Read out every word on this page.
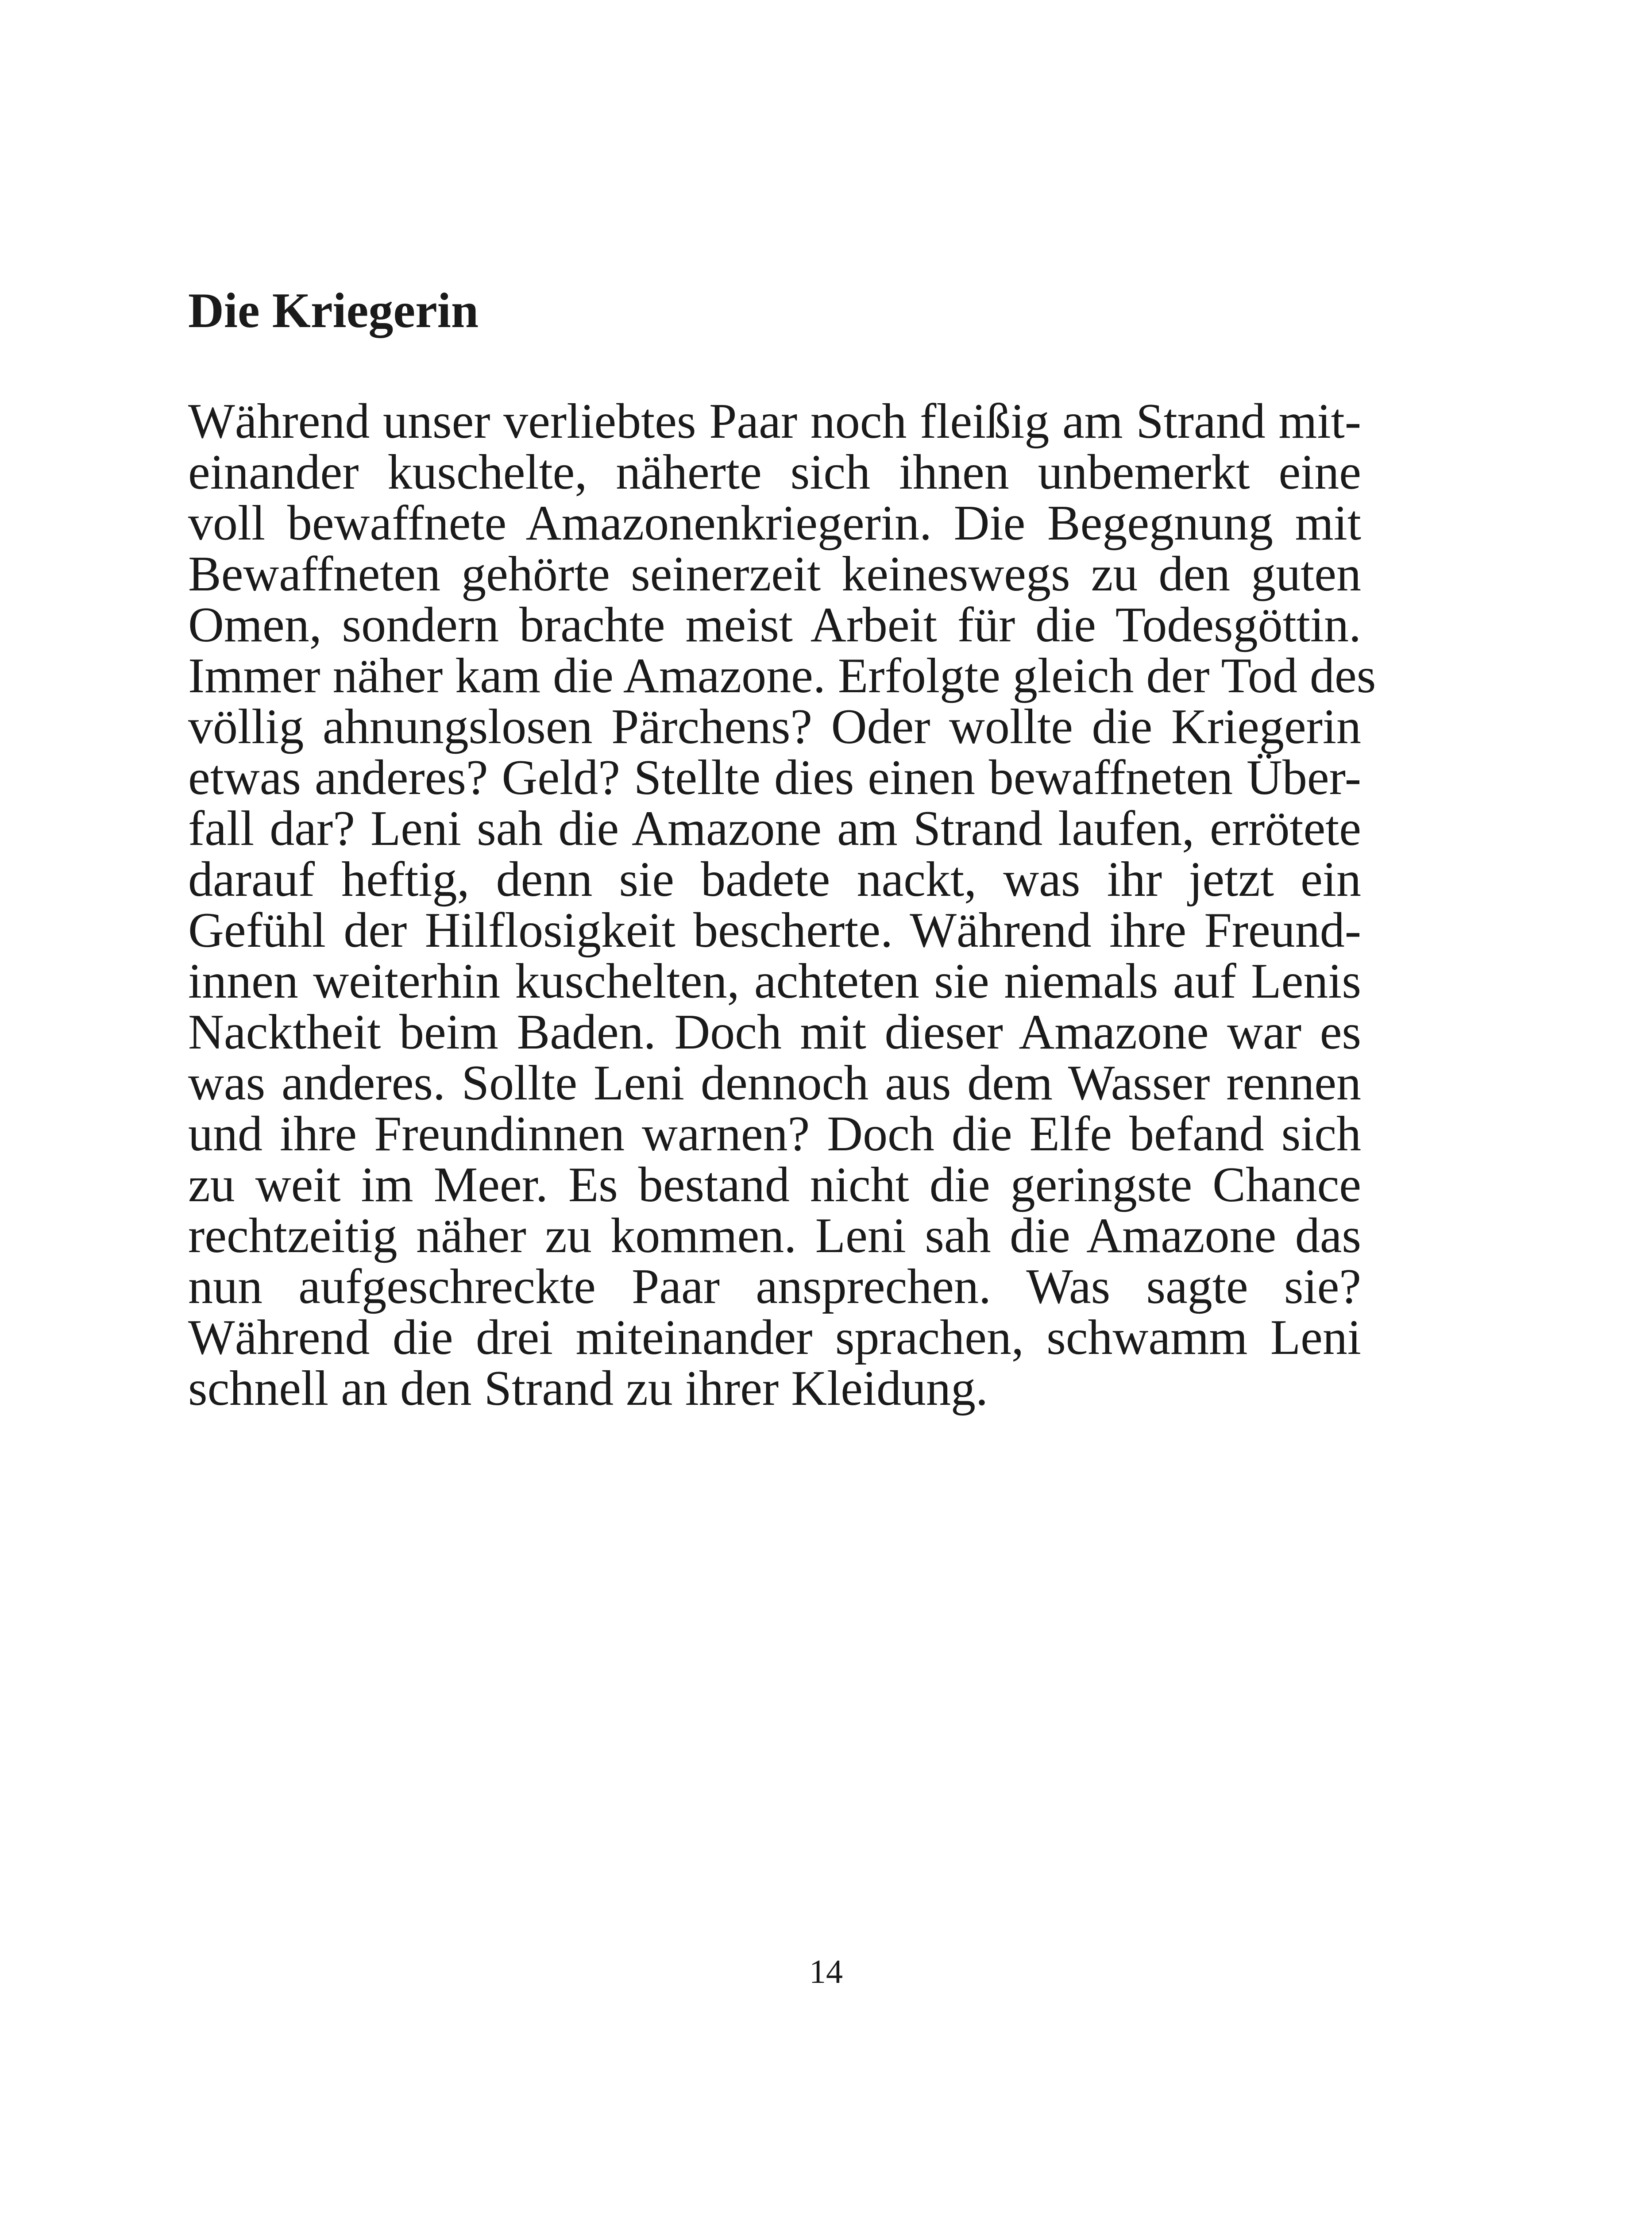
Die Kriegerin
Während unser verliebtes Paar noch fleißig am Strand mit-
einander kuschelte, näherte sich ihnen unbemerkt eine
voll bewaffnete Amazonenkriegerin. Die Begegnung mit
Bewaffneten gehörte seinerzeit keineswegs zu den guten
Omen, sondern brachte meist Arbeit für die Todesgöttin.
Immer näher kam die Amazone. Erfolgte gleich der Tod des
völlig ahnungslosen Pärchens? Oder wollte die Kriegerin
etwas anderes? Geld? Stellte dies einen bewaffneten Über-
fall dar? Leni sah die Amazone am Strand laufen, errötete
darauf heftig, denn sie badete nackt, was ihr jetzt ein
Gefühl der Hilflosigkeit bescherte. Während ihre Freund-
innen weiterhin kuschelten, achteten sie niemals auf Lenis
Nacktheit beim Baden. Doch mit dieser Amazone war es
was anderes. Sollte Leni dennoch aus dem Wasser rennen
und ihre Freundinnen warnen? Doch die Elfe befand sich
zu weit im Meer. Es bestand nicht die geringste Chance
rechtzeitig näher zu kommen. Leni sah die Amazone das
nun aufgeschreckte Paar ansprechen. Was sagte sie?
Während die drei miteinander sprachen, schwamm Leni
schnell an den Strand zu ihrer Kleidung.

14
